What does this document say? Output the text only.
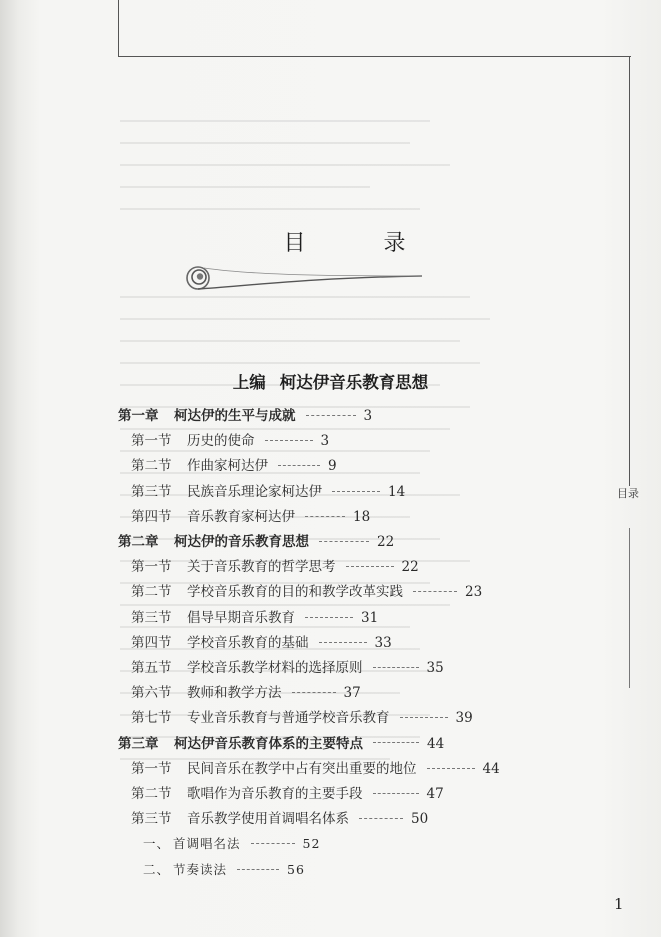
目录
目　录
上编 柯达伊音乐教育思想
第一章 柯达伊的生平与成就	3
第一节 历史的使命	3
第二节 作曲家柯达伊	9
第三节 民族音乐理论家柯达伊	14
第四节 音乐教育家柯达伊	18
第二章 柯达伊的音乐教育思想	22
第一节 关于音乐教育的哲学思考	22
第二节 学校音乐教育的目的和教学改革实践	23
第三节 倡导早期音乐教育	31
第四节 学校音乐教育的基础	33
第五节 学校音乐教学材料的选择原则	35
第六节 教师和教学方法	37
第七节 专业音乐教育与普通学校音乐教育	39
第三章 柯达伊音乐教育体系的主要特点	44
第一节 民间音乐在教学中占有突出重要的地位	44
第二节 歌唱作为音乐教育的主要手段	47
第三节 音乐教学使用首调唱名体系	50
一、 首调唱名法	52
二、 节奏读法	56
1
